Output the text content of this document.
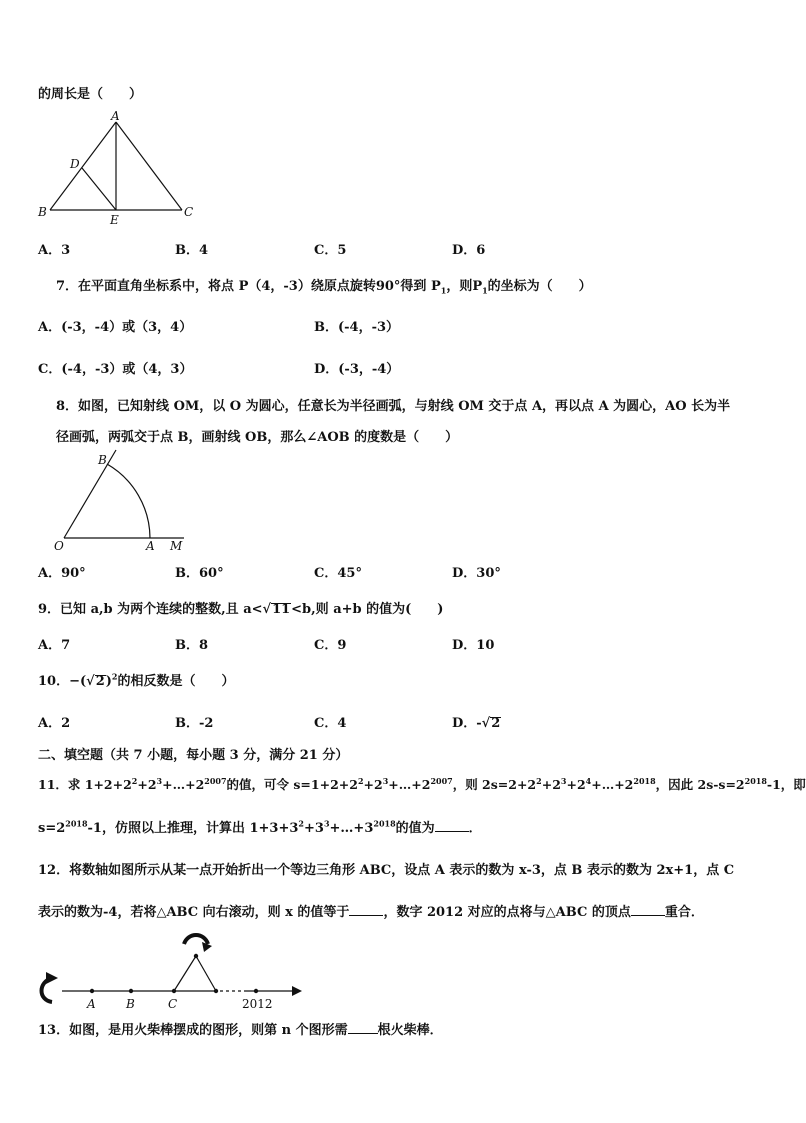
的周长是（　　）
A
D
B
E
C
A．3	B．4	C．5	D．6
7．在平面直角坐标系中，将点 P（4，-3）绕原点旋转90°得到 $P_1$，则$P_1$的坐标为（　　）
A．(-3，-4）或（3，4）	B．(-4，-3）
C．(-4，-3）或（4，3）	D．(-3，-4）
8．如图，已知射线 OM，以 O 为圆心，任意长为半径画弧，与射线 OM 交于点 A，再以点 A 为圆心，AO 长为半
径画弧，两弧交于点 B，画射线 OB，那么∠AOB 的度数是（　　）
B
O	A M
A．90°	B．60°	C．45°	D．30°
9．已知 a,b 为两个连续的整数,且 a<√11<b,则 a+b 的值为(　　)
A．7	B．8	C．9	D．10
10．$-(√2)^2$的相反数是（　　）
A．2	B．-2	C．4	D．-√2
二、填空题（共 7 小题，每小题 3 分，满分 21 分）
11．求 $1+2+2^2+2^3+\dots+2^{2007}$的值，可令 $s=1+2+2^2+2^3+\dots+2^{2007}$，则 $2s=2+2^2+2^3+2^4+\dots+2^{2018}$，因此 $2s-s=2^{2018}-1$，即
$s=2^{2018}-1$，仿照以上推理，计算出 $1+3+3^2+3^3+\dots+3^{2018}$的值为	．
12．将数轴如图所示从某一点开始折出一个等边三角形 ABC，设点 A 表示的数为 x-3，点 B 表示的数为 2x+1，点 C
表示的数为-4，若将△ABC 向右滚动，则 x 的值等于	，数字 2012 对应的点将与△ABC 的顶点	重合．
A	B	C	2012
13．如图，是用火柴棒摆成的图形，则第 n 个图形需 根火柴棒．
